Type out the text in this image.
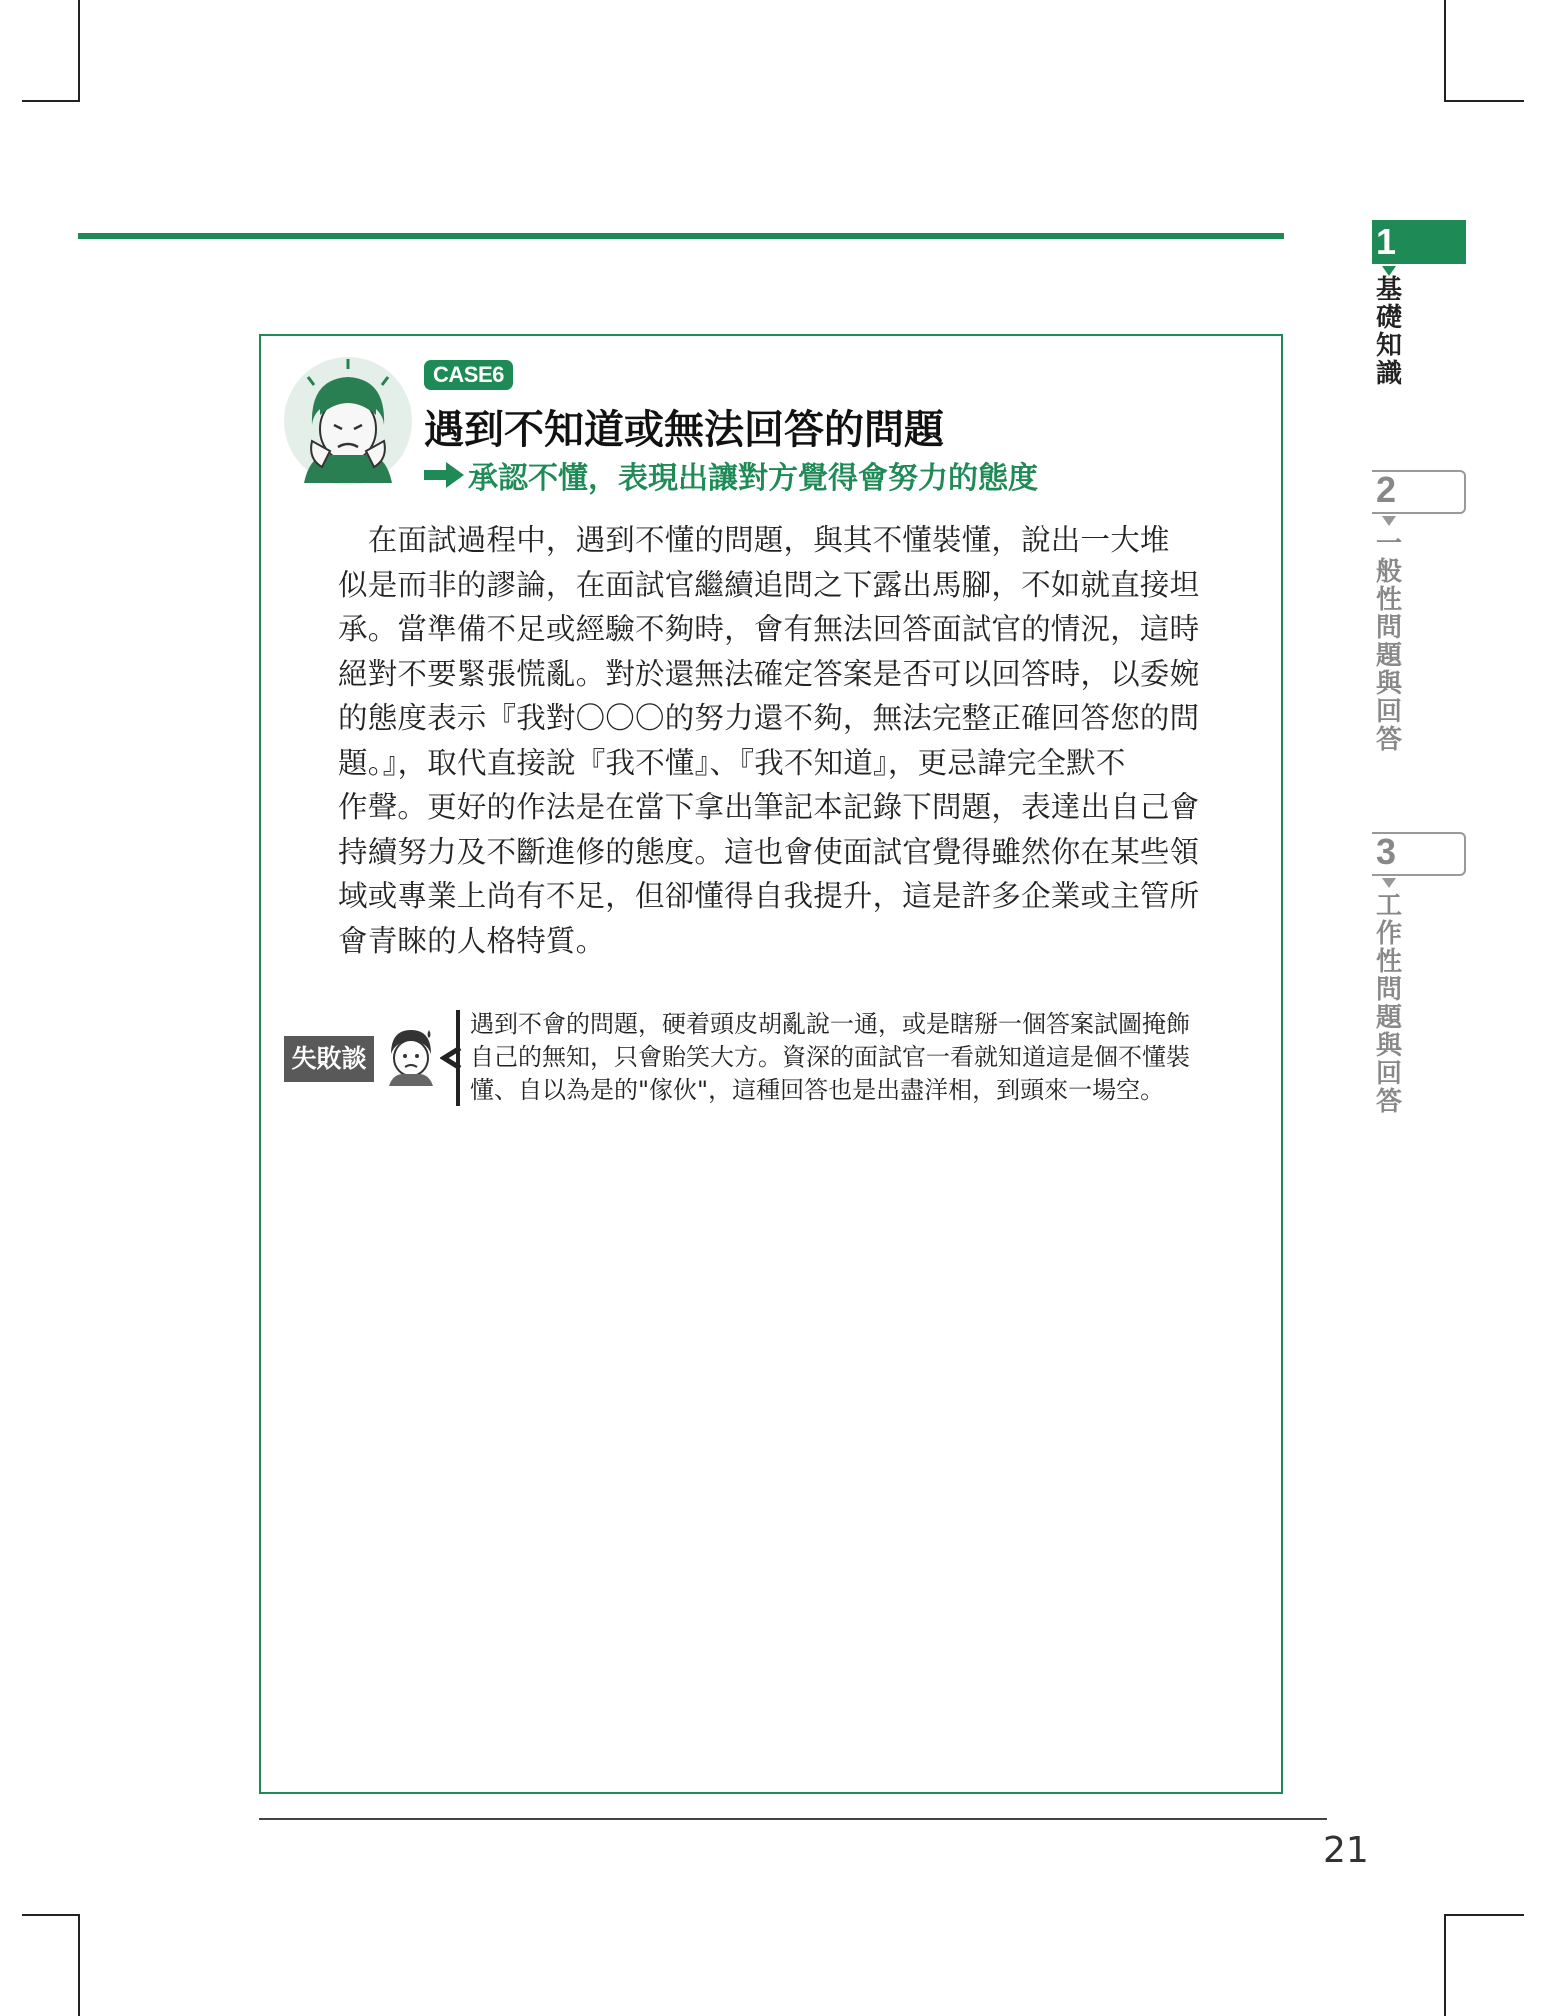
1
基礎知識
2
一般性問題與回答
3
工作性問題與回答
CASE6
遇到不知道或無法回答的問題
承認不懂，表現出讓對方覺得會努力的態度
　在面試過程中，遇到不懂的問題，與其不懂裝懂，說出一大堆
似是而非的謬論，在面試官繼續追問之下露出馬腳，不如就直接坦
承。當準備不足或經驗不夠時，會有無法回答面試官的情況，這時
絕對不要緊張慌亂。對於還無法確定答案是否可以回答時，以委婉
的態度表示『我對〇〇〇的努力還不夠，無法完整正確回答您的問
題。』，取代直接說『我不懂』、『我不知道』，更忌諱完全默不
作聲。更好的作法是在當下拿出筆記本記錄下問題，表達出自己會
持續努力及不斷進修的態度。這也會使面試官覺得雖然你在某些領
域或專業上尚有不足，但卻懂得自我提升，這是許多企業或主管所
會青睞的人格特質。
失敗談
遇到不會的問題，硬着頭皮胡亂說一通，或是瞎掰一個答案試圖掩飾
自己的無知，只會貽笑大方。資深的面試官一看就知道這是個不懂裝
懂、自以為是的"傢伙"，這種回答也是出盡洋相，到頭來一場空。
21
